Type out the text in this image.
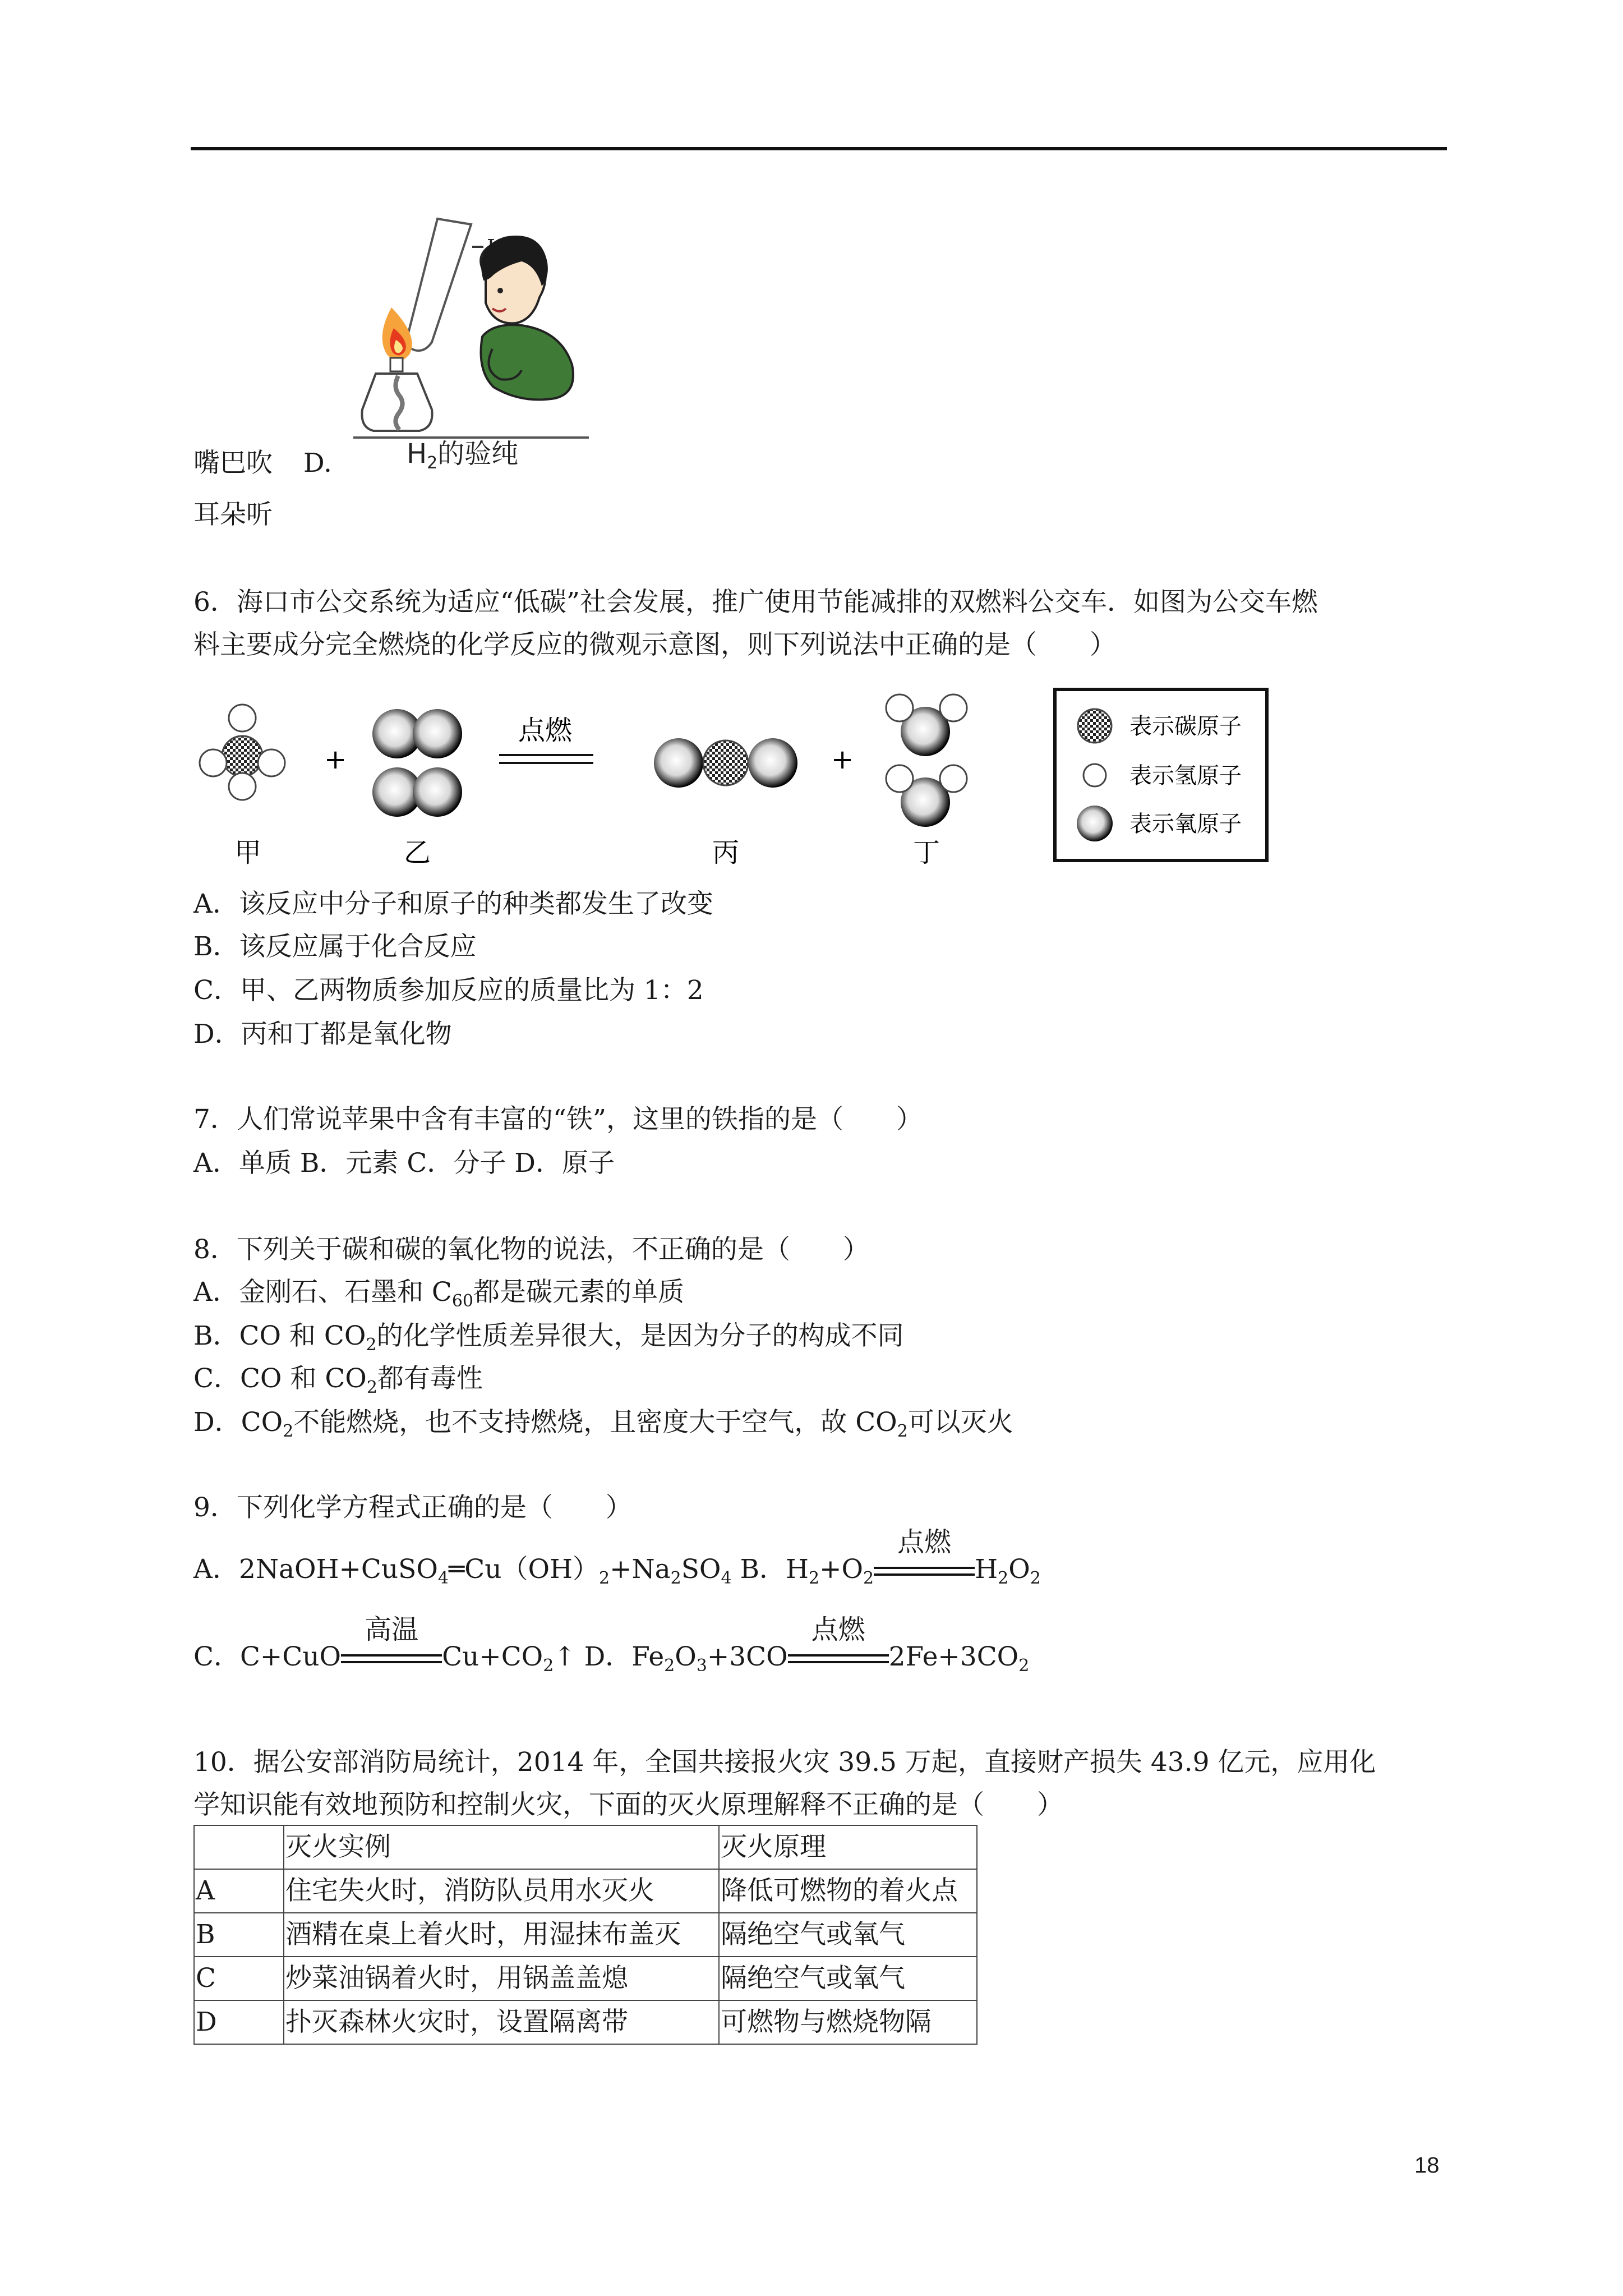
$H_2$的验纯
嘴巴吹 D.
耳朵听
6．海口市公交系统为适应“低碳”社会发展，推广使用节能减排的双燃料公交车．如图为公交车燃
料主要成分完全燃烧的化学反应的微观示意图，则下列说法中正确的是（　　）
+
点燃
+
甲	乙	丙	丁
表示碳原子
表示氢原子
表示氧原子
A．该反应中分子和原子的种类都发生了改变
B．该反应属于化合反应
C．甲、乙两物质参加反应的质量比为 1：2
D．丙和丁都是氧化物
7．人们常说苹果中含有丰富的“铁”，这里的铁指的是（　　）
A．单质 B．元素 C．分子 D．原子
8．下列关于碳和碳的氧化物的说法，不正确的是（　　）
A．金刚石、石墨和 $C_{60}$都是碳元素的单质
B．CO 和 $CO_2$的化学性质差异很大，是因为分子的构成不同
C．CO 和 $CO_2$都有毒性
D．$CO_2$不能燃烧，也不支持燃烧，且密度大于空气，故 $CO_2$可以灭火
9．下列化学方程式正确的是（　　）
A．$2NaOH+CuSO_4═Cu(OH)_2+Na_2SO_4$ B．$H_2+O_2$
点燃
$H_2O_2$
C．C+CuO
高温
$Cu+CO_2↑$ D．$Fe_2O_3+3CO$
点燃
$2Fe+3CO_2$
10．据公安部消防局统计，2014 年，全国共接报火灾 39.5 万起，直接财产损失 43.9 亿元，应用化
学知识能有效地预防和控制火灾，下面的灭火原理解释不正确的是（　　）
	灭火实例	灭火原理
A	住宅失火时，消防队员用水灭火	降低可燃物的着火点
B	酒精在桌上着火时，用湿抹布盖灭	隔绝空气或氧气
C	炒菜油锅着火时，用锅盖盖熄	隔绝空气或氧气
D	扑灭森林火灾时，设置隔离带	可燃物与燃烧物隔
18
